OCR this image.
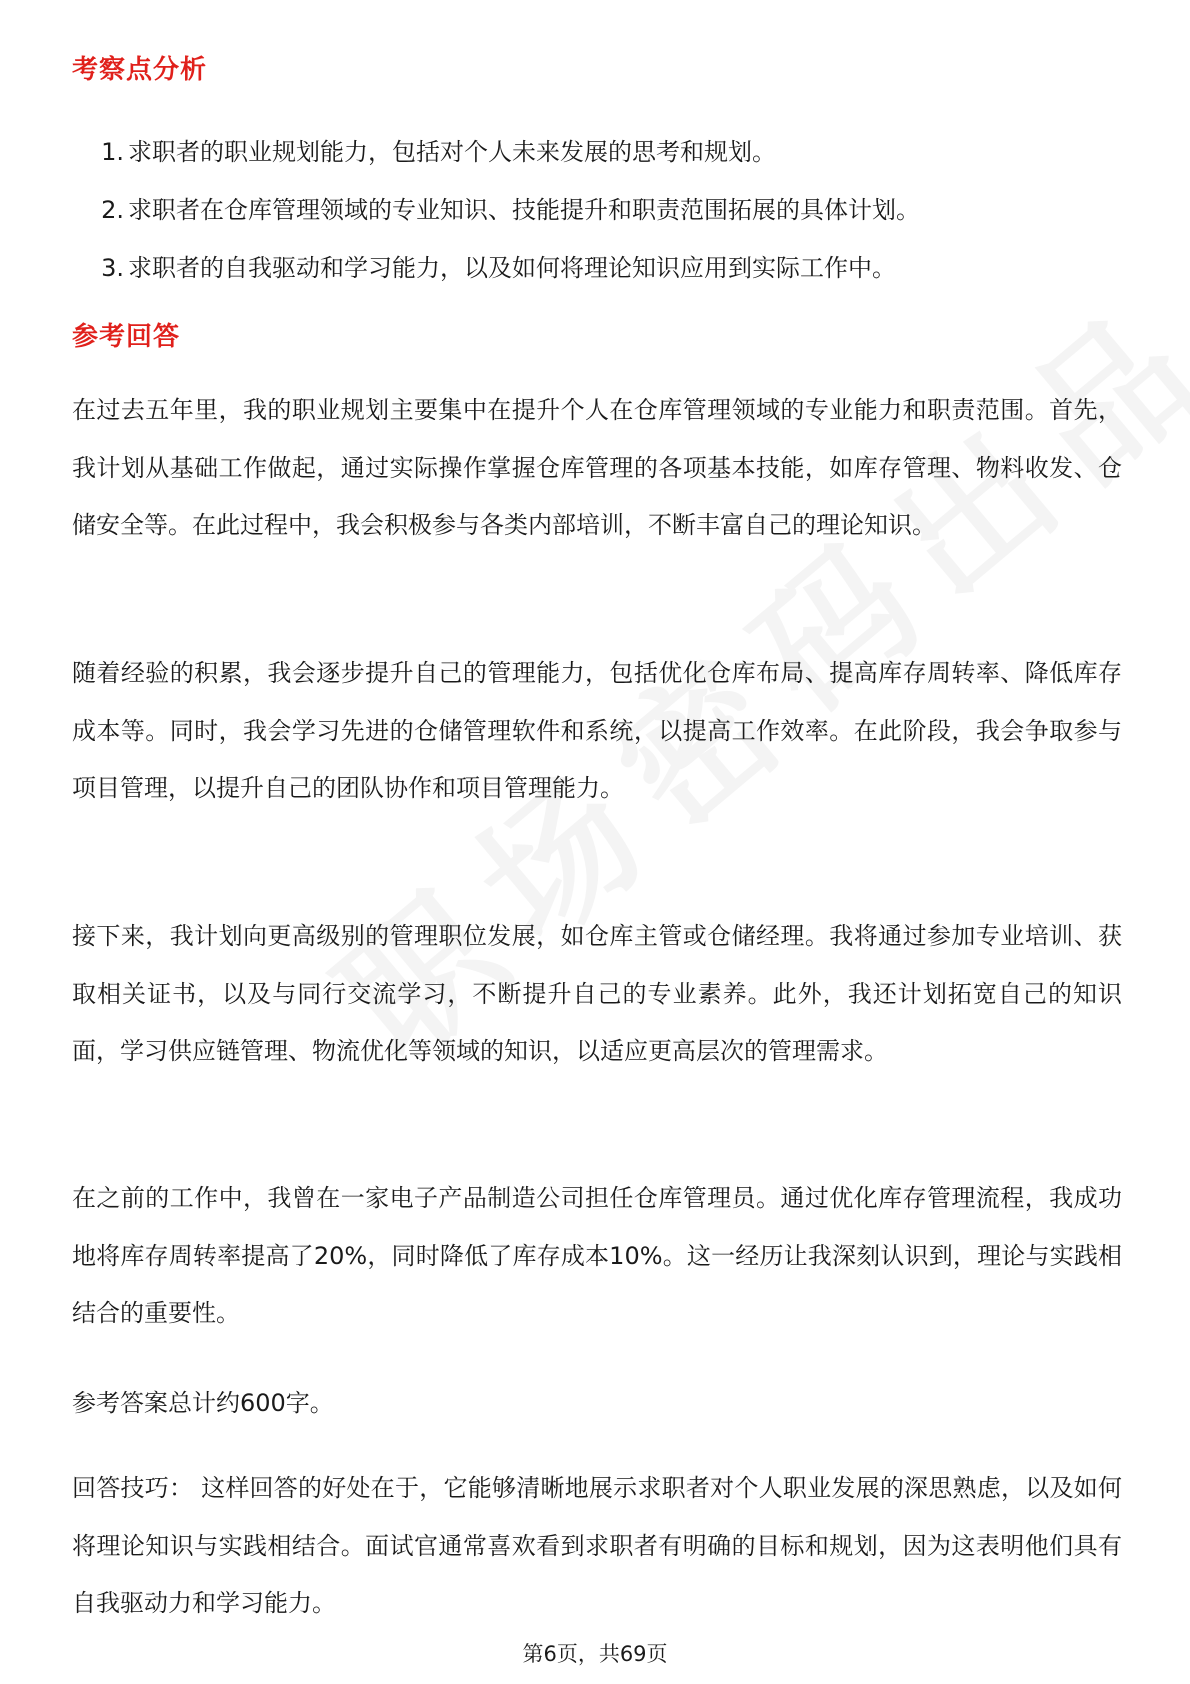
考察点分析
1. 求职者的职业规划能力，包括对个人未来发展的思考和规划。
2. 求职者在仓库管理领域的专业知识、技能提升和职责范围拓展的具体计划。
3. 求职者的自我驱动和学习能力，以及如何将理论知识应用到实际工作中。
参考回答

在过去五年里，我的职业规划主要集中在提升个人在仓库管理领域的专业能力和职责范围。首先，我计划从基础工作做起，通过实际操作掌握仓库管理的各项基本技能，如库存管理、物料收发、仓储安全等。在此过程中，我会积极参与各类内部培训，不断丰富自己的理论知识。

随着经验的积累，我会逐步提升自己的管理能力，包括优化仓库布局、提高库存周转率、降低库存成本等。同时，我会学习先进的仓储管理软件和系统，以提高工作效率。在此阶段，我会争取参与项目管理，以提升自己的团队协作和项目管理能力。

接下来，我计划向更高级别的管理职位发展，如仓库主管或仓储经理。我将通过参加专业培训、获取相关证书，以及与同行交流学习，不断提升自己的专业素养。此外，我还计划拓宽自己的知识面，学习供应链管理、物流优化等领域的知识，以适应更高层次的管理需求。

在之前的工作中，我曾在一家电子产品制造公司担任仓库管理员。通过优化库存管理流程，我成功地将库存周转率提高了20%，同时降低了库存成本10%。这一经历让我深刻认识到，理论与实践相结合的重要性。

参考答案总计约600字。

回答技巧： 这样回答的好处在于，它能够清晰地展示求职者对个人职业发展的深思熟虑，以及如何将理论知识与实践相结合。面试官通常喜欢看到求职者有明确的目标和规划，因为这表明他们具有自我驱动力和学习能力。

第6页，共69页
